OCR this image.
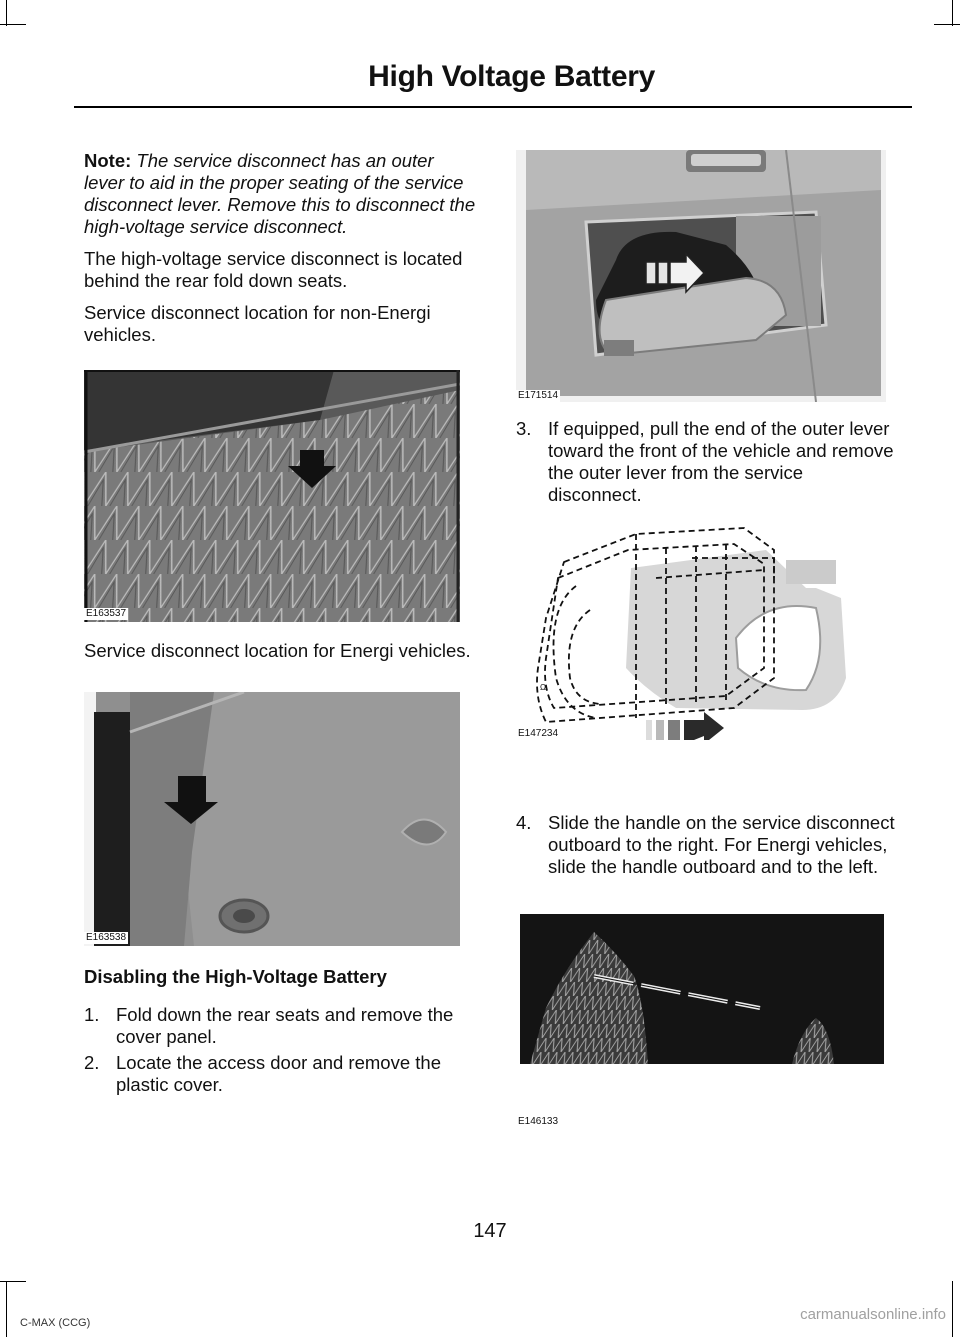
High Voltage Battery

Note: The service disconnect has an outer lever to aid in the proper seating of the service disconnect lever. Remove this to disconnect the high-voltage service disconnect.

The high-voltage service disconnect is located behind the rear fold down seats.

Service disconnect location for non-Energi vehicles.

E163537

Service disconnect location for Energi vehicles.

E163538
Disabling the High-Voltage Battery
1. Fold down the rear seats and remove the cover panel.
2. Locate the access door and remove the plastic cover.
E171514
3. If equipped, pull the end of the outer lever toward the front of the vehicle and remove the outer lever from the service disconnect.
Ω
E147234
4. Slide the handle on the service disconnect outboard to the right. For Energi vehicles, slide the handle outboard and to the left.
E146133
147
C-MAX (CCG)	carmanualsonline.info
